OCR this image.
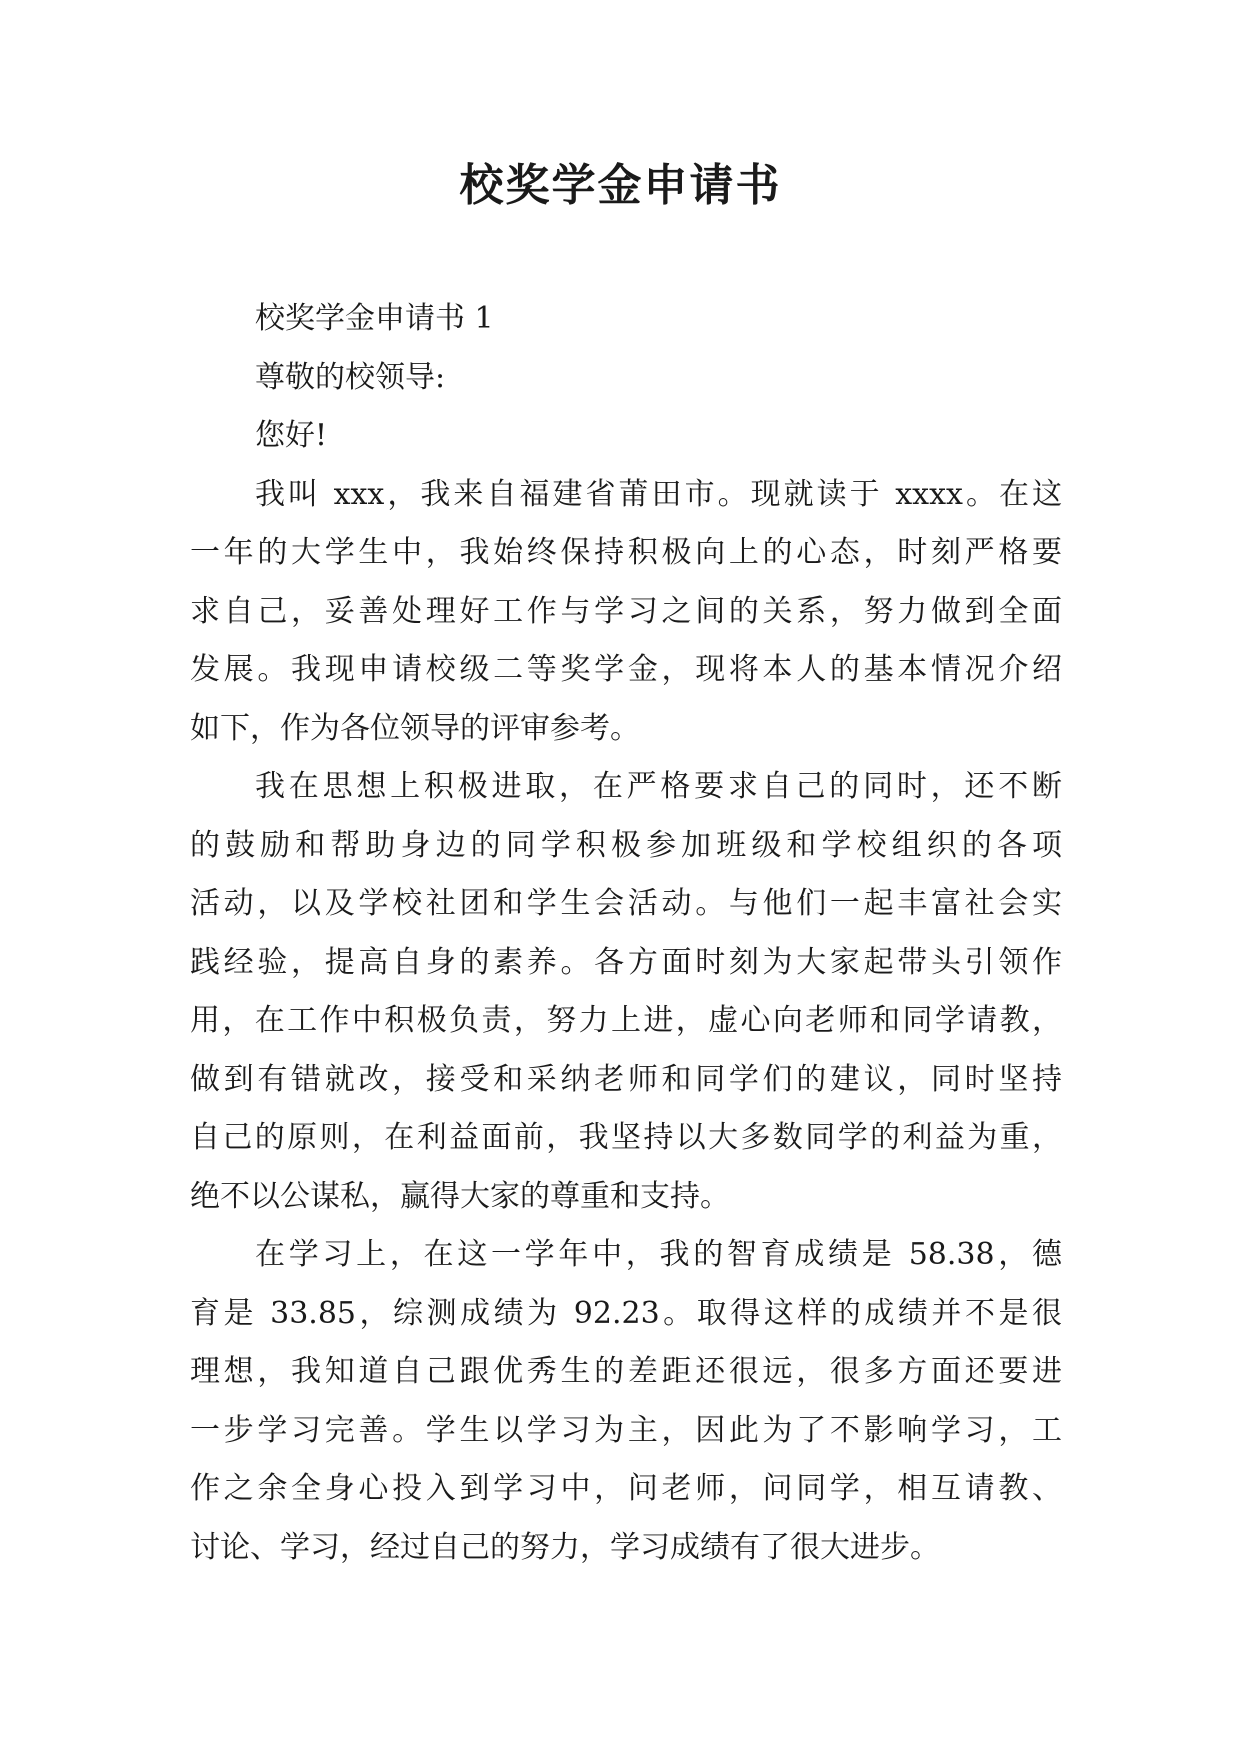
校奖学金申请书

校奖学金申请书 1

尊敬的校领导:

您好!

我叫 xxx，我来自福建省莆田市。现就读于 xxxx。在这

一年的大学生中，我始终保持积极向上的心态，时刻严格要

求自己，妥善处理好工作与学习之间的关系，努力做到全面

发展。我现申请校级二等奖学金，现将本人的基本情况介绍

如下，作为各位领导的评审参考。

我在思想上积极进取，在严格要求自己的同时，还不断

的鼓励和帮助身边的同学积极参加班级和学校组织的各项

活动，以及学校社团和学生会活动。与他们一起丰富社会实

践经验，提高自身的素养。各方面时刻为大家起带头引领作

用，在工作中积极负责，努力上进，虚心向老师和同学请教，

做到有错就改，接受和采纳老师和同学们的建议，同时坚持

自己的原则，在利益面前，我坚持以大多数同学的利益为重，

绝不以公谋私，赢得大家的尊重和支持。

在学习上，在这一学年中，我的智育成绩是 58.38，德

育是 33.85，综测成绩为 92.23。取得这样的成绩并不是很

理想，我知道自己跟优秀生的差距还很远，很多方面还要进

一步学习完善。学生以学习为主，因此为了不影响学习，工

作之余全身心投入到学习中，问老师，问同学，相互请教、

讨论、学习，经过自己的努力，学习成绩有了很大进步。
